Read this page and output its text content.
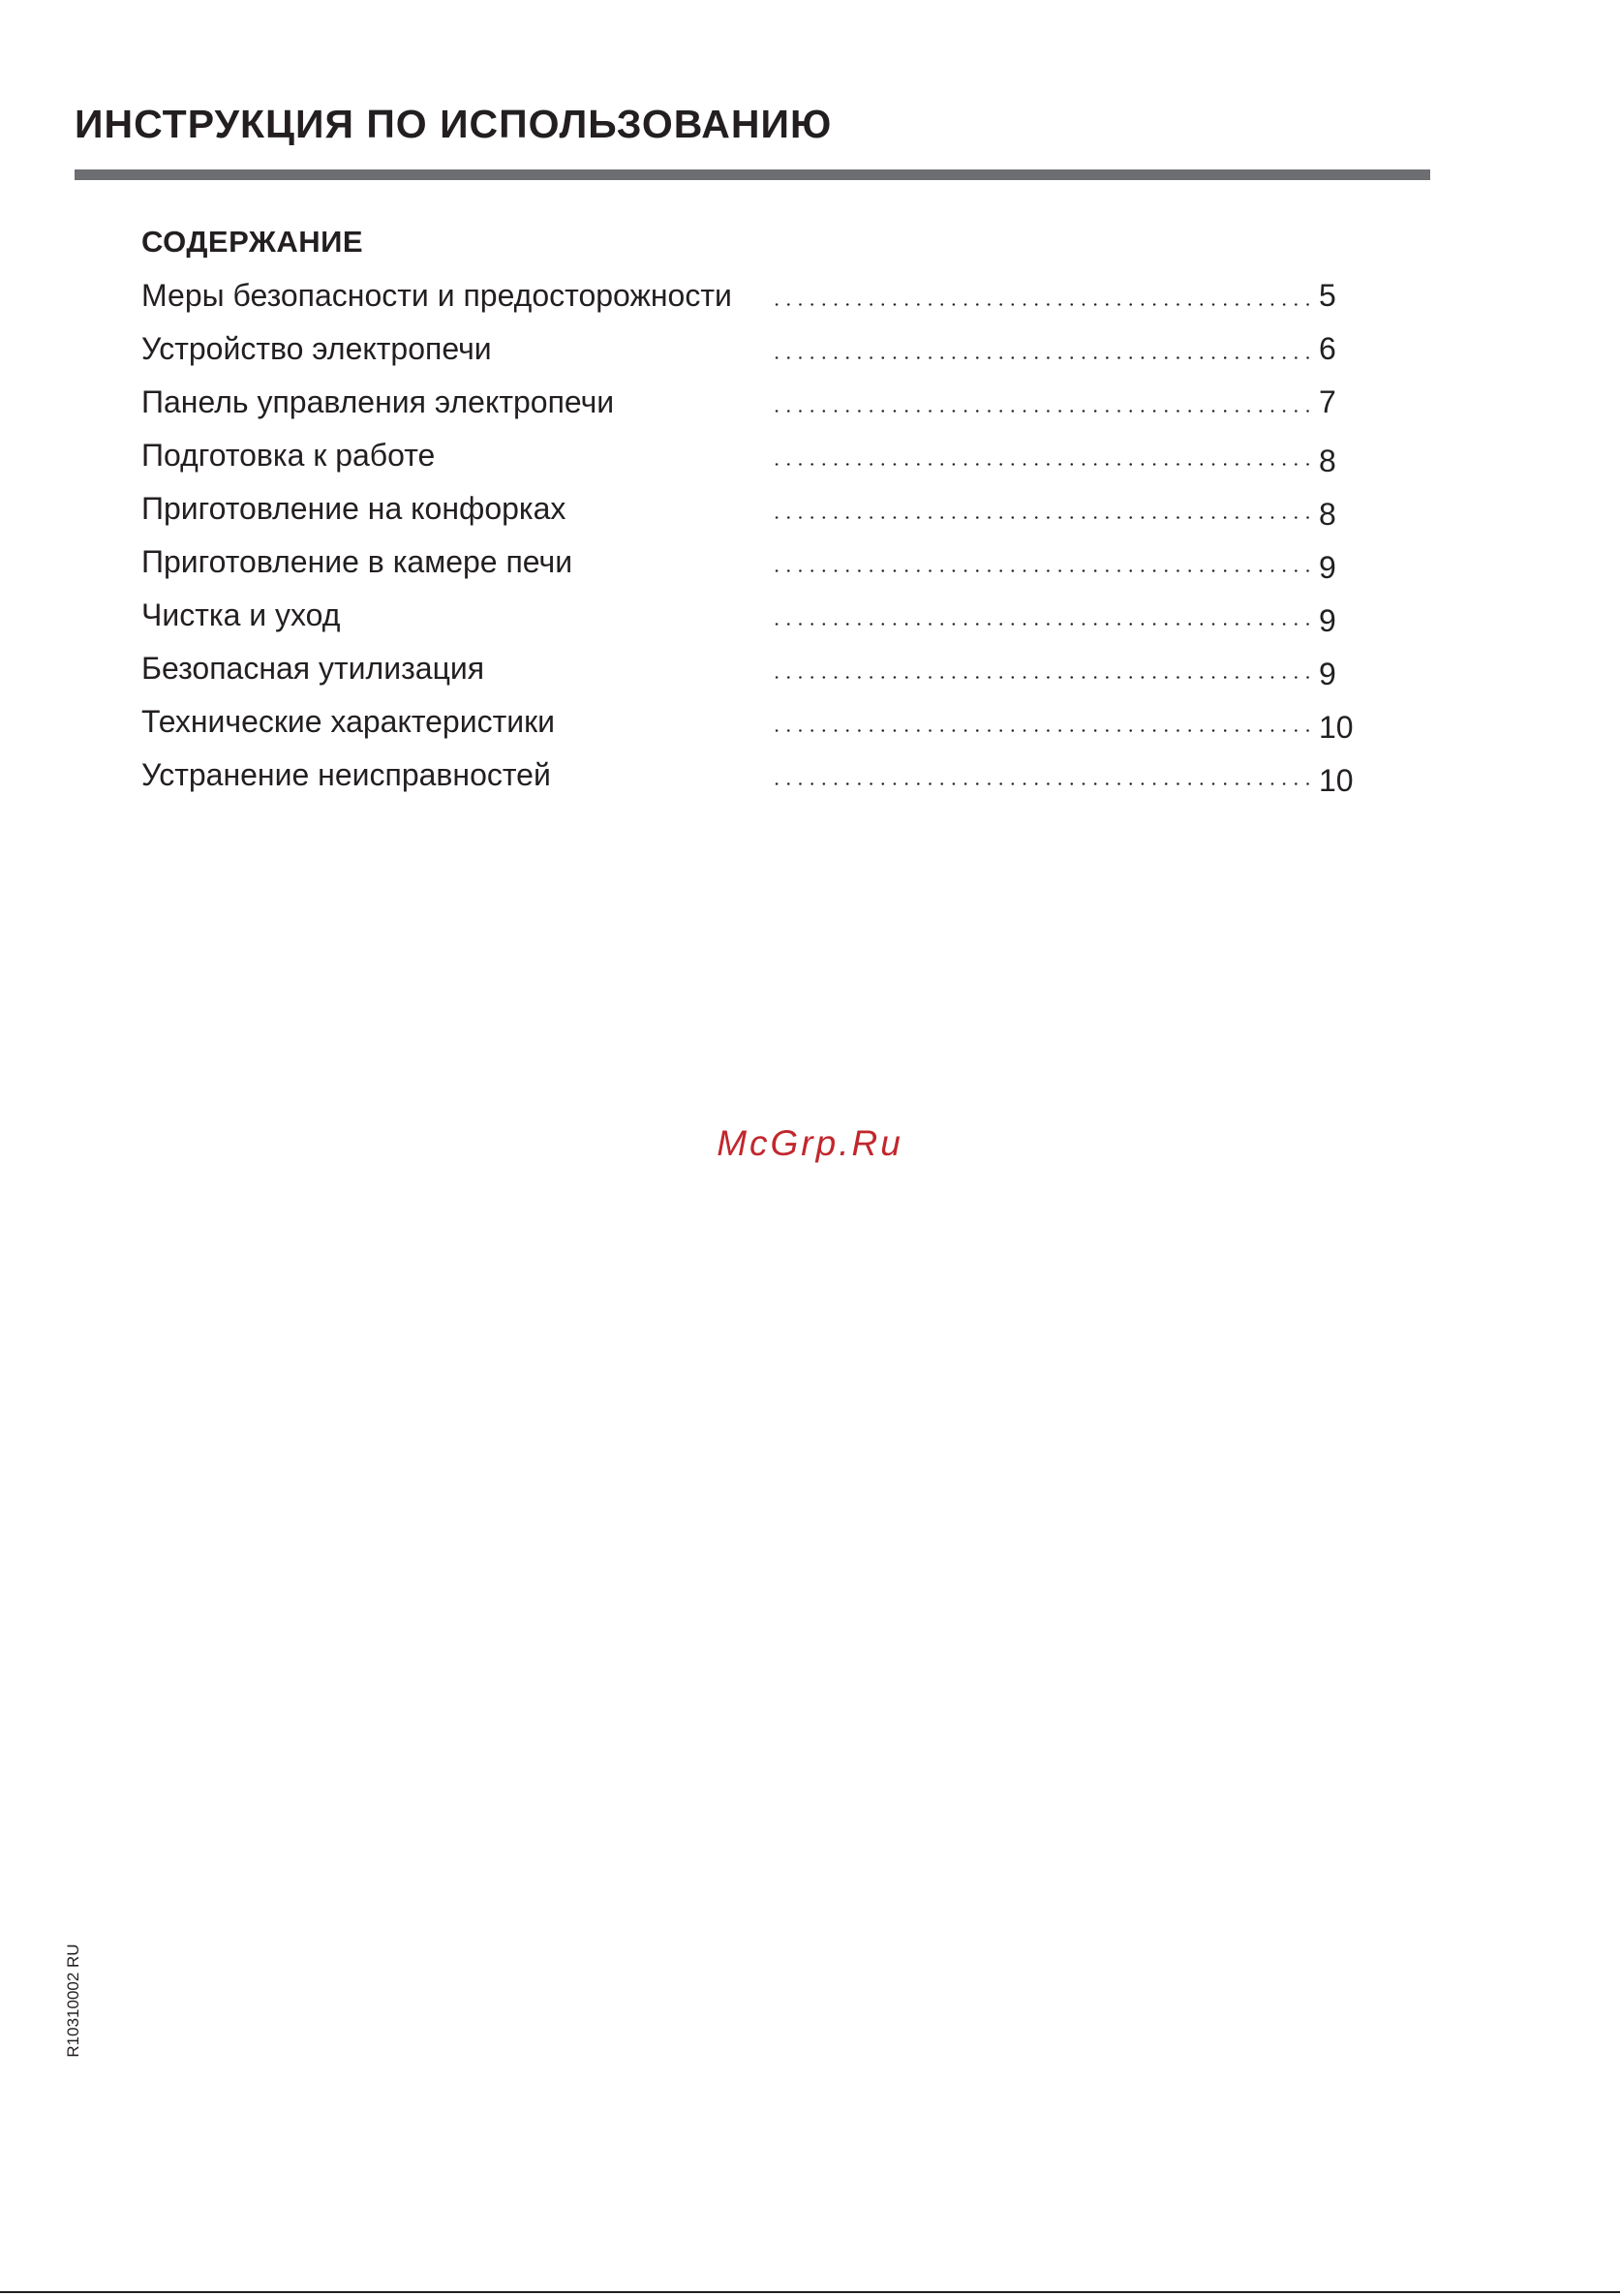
ИНСТРУКЦИЯ ПО ИСПОЛЬЗОВАНИЮ
СОДЕРЖАНИЕ
Меры безопасности и предосторожности	5
Устройство электропечи	6
Панель управления электропечи	7
Подготовка к работе	8
Приготовление на конфорках	8
Приготовление в камере печи	9
Чистка и уход	9
Безопасная утилизация	9
Технические характеристики	10
Устранение неисправностей	10
McGrp.Ru
R10310002 RU
